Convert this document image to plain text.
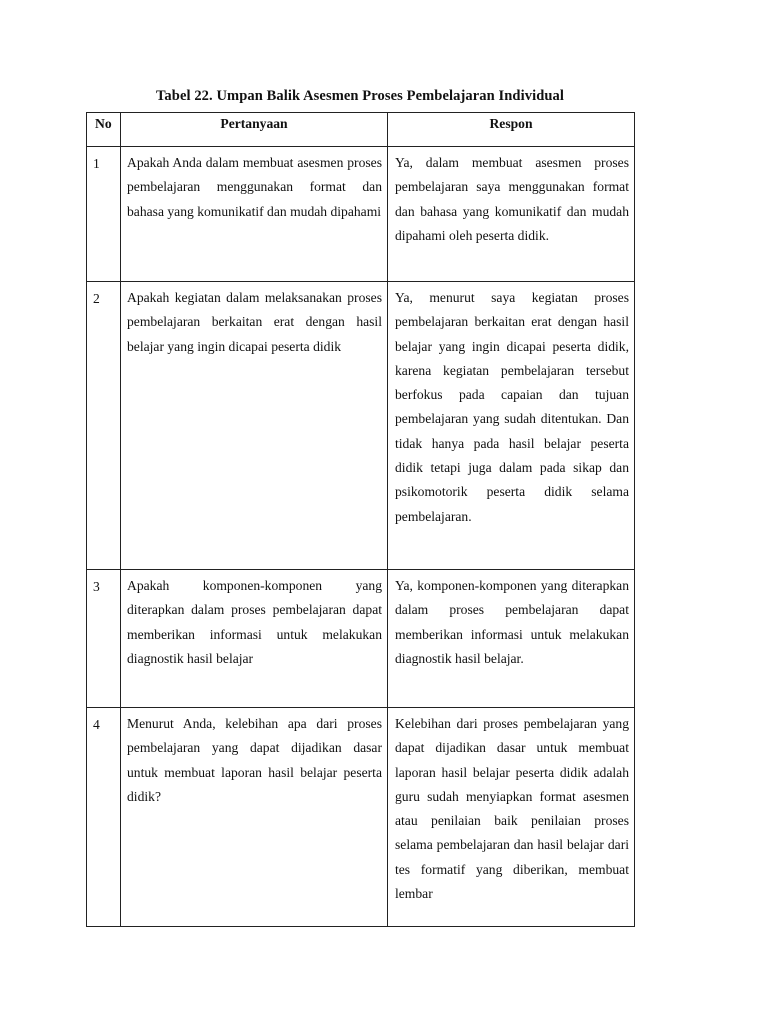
Tabel 22. Umpan Balik Asesmen Proses Pembelajaran Individual
No	Pertanyaan	Respon

1	Apakah Anda dalam membuat asesmen proses pembelajaran menggunakan format dan bahasa yang komunikatif dan mudah dipahami	Ya, dalam membuat asesmen proses pembelajaran saya menggunakan format dan bahasa yang komunikatif dan mudah dipahami oleh peserta didik.

2	Apakah kegiatan dalam melaksanakan proses pembelajaran berkaitan erat dengan hasil belajar yang ingin dicapai peserta didik	Ya, menurut saya kegiatan proses pembelajaran berkaitan erat dengan hasil belajar yang ingin dicapai peserta didik, karena kegiatan pembelajaran tersebut berfokus pada capaian dan tujuan pembelajaran yang sudah ditentukan. Dan tidak hanya pada hasil belajar peserta didik tetapi juga dalam pada sikap dan psikomotorik peserta didik selama pembelajaran.

3	Apakah komponen-komponen yang diterapkan dalam proses pembelajaran dapat memberikan informasi untuk melakukan diagnostik hasil belajar	Ya, komponen-komponen yang diterapkan dalam proses pembelajaran dapat memberikan informasi untuk melakukan diagnostik hasil belajar.

4	Menurut Anda, kelebihan apa dari proses pembelajaran yang dapat dijadikan dasar untuk membuat laporan hasil belajar peserta didik?	Kelebihan dari proses pembelajaran yang dapat dijadikan dasar untuk membuat laporan hasil belajar peserta didik adalah guru sudah menyiapkan format asesmen atau penilaian baik penilaian proses selama pembelajaran dan hasil belajar dari tes formatif yang diberikan, membuat lembar
